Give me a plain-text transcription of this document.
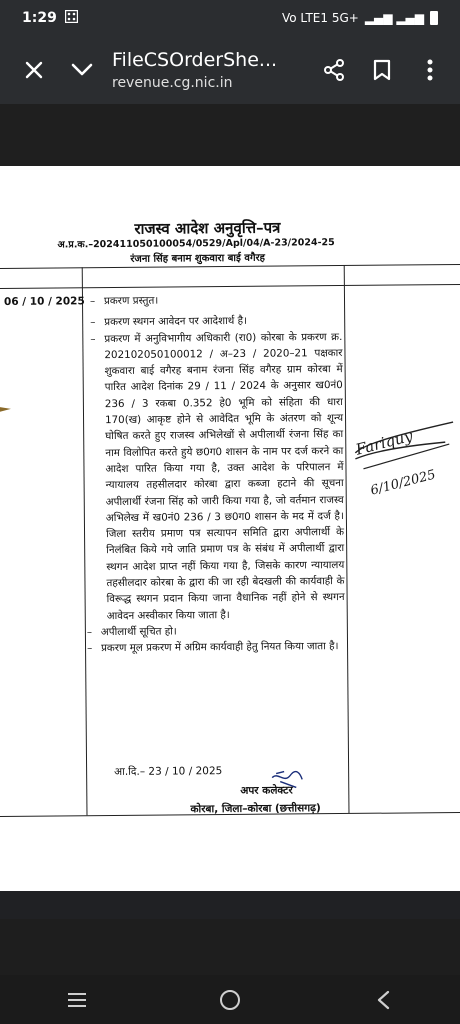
1:29	Vo LTE1 5G+ ▂▄▆ ▂▄▆
FileCSOrderShe...
revenue.cg.nic.in
राजस्व आदेश अनुवृत्ति–पत्र
अ.प्र.क.–202411050100054/0529/Apl/04/A-23/2024-25
रंजना सिंह बनाम शुकवारा बाई वगैरह
06 / 10 / 2025 – प्रकरण प्रस्तुत।
– प्रकरण स्थगन आवेदन पर आदेशार्थ है।
– प्रकरण में अनुविभागीय अधिकारी (रा0) कोरबा के प्रकरण क्र. 202102050100012 / अ–23 / 2020–21 पक्षकार शुकवारा बाई वगैरह बनाम रंजना सिंह वगैरह ग्राम कोरबा में पारित आदेश दिनांक 29 / 11 / 2024 के अनुसार ख0नं0 236 / 3 रकबा 0.352 हे0 भूमि को संहिता की धारा 170(ख) आकृष्ट होने से आवेदित भूमि के अंतरण को शून्य घोषित करते हुए राजस्व अभिलेखों से अपीलार्थी रंजना सिंह का नाम विलोपित करते हुये छ0ग0 शासन के नाम पर दर्ज करने का आदेश पारित किया गया है, उक्त आदेश के परिपालन में न्यायालय तहसीलदार कोरबा द्वारा कब्जा हटाने की सूचना अपीलार्थी रंजना सिंह को जारी किया गया है, जो वर्तमान राजस्व अभिलेख में ख0नं0 236 / 3 छ0ग0 शासन के मद में दर्ज है। जिला स्तरीय प्रमाण पत्र सत्यापन समिति द्वारा अपीलार्थी के निलंबित किये गये जाति प्रमाण पत्र के संबंध में अपीलार्थी द्वारा स्थगन आदेश प्राप्त नहीं किया गया है, जिसके कारण न्यायालय तहसीलदार कोरबा के द्वारा की जा रही बेदखली की कार्यवाही के विरूद्ध स्थगन प्रदान किया जाना वैधानिक नहीं होने से स्थगन आवेदन अस्वीकार किया जाता है।
– अपीलार्थी सूचित हो।
– प्रकरण मूल प्रकरण में अग्रिम कार्यवाही हेतु नियत किया जाता है।
आ.दि.– 23 / 10 / 2025
अपर कलेक्टर
कोरबा, जिला–कोरबा (छत्तीसगढ़)
Fariquy
6/10/2025
